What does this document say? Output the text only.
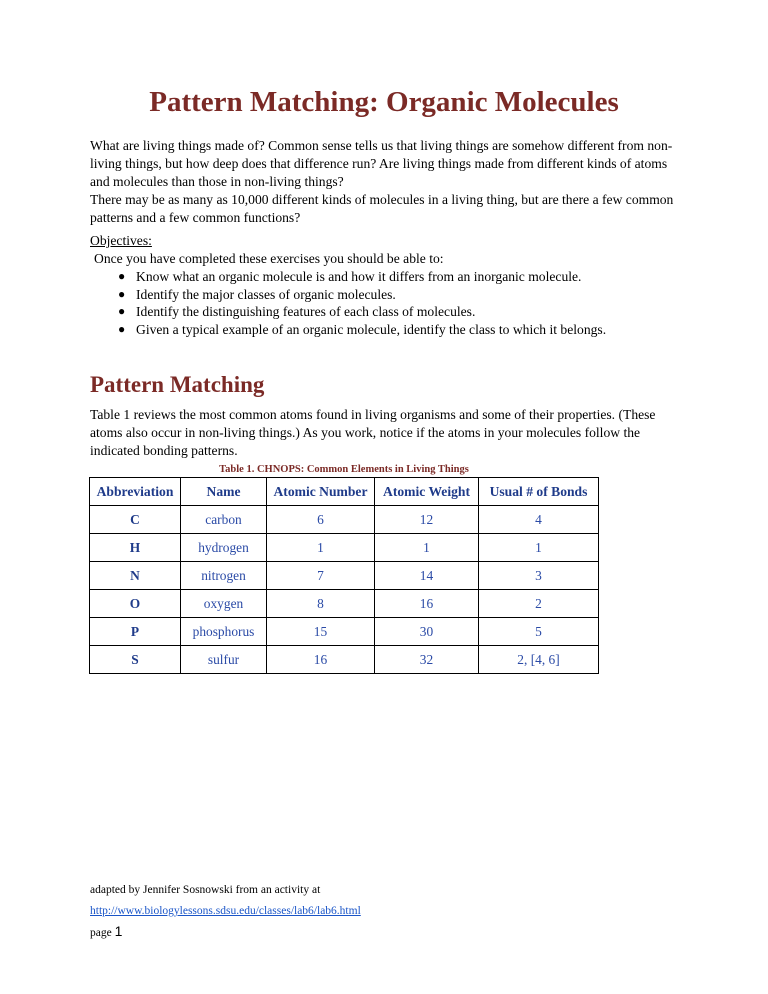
Pattern Matching: Organic Molecules
What are living things made of? Common sense tells us that living things are somehow different from non-living things, but how deep does that difference run? Are living things made from different kinds of atoms and molecules than those in non-living things?
There may be as many as 10,000 different kinds of molecules in a living thing, but are there a few common patterns and a few common functions?
Objectives:
Once you have completed these exercises you should be able to:
● Know what an organic molecule is and how it differs from an inorganic molecule.
● Identify the major classes of organic molecules.
● Identify the distinguishing features of each class of molecules.
● Given a typical example of an organic molecule, identify the class to which it belongs.
Pattern Matching

Table 1 reviews the most common atoms found in living organisms and some of their properties. (These atoms also occur in non-living things.) As you work, notice if the atoms in your molecules follow the indicated bonding patterns.

Table 1. CHNOPS: Common Elements in Living Things
Abbreviation	Name	Atomic Number	Atomic Weight	Usual # of Bonds
C	carbon	6	12	4
H	hydrogen	1	1	1
N	nitrogen	7	14	3
O	oxygen	8	16	2
P	phosphorus	15	30	5
S	sulfur	16	32	2, [4, 6]
adapted by Jennifer Sosnowski from an activity at
http://www.biologylessons.sdsu.edu/classes/lab6/lab6.html
page 1
